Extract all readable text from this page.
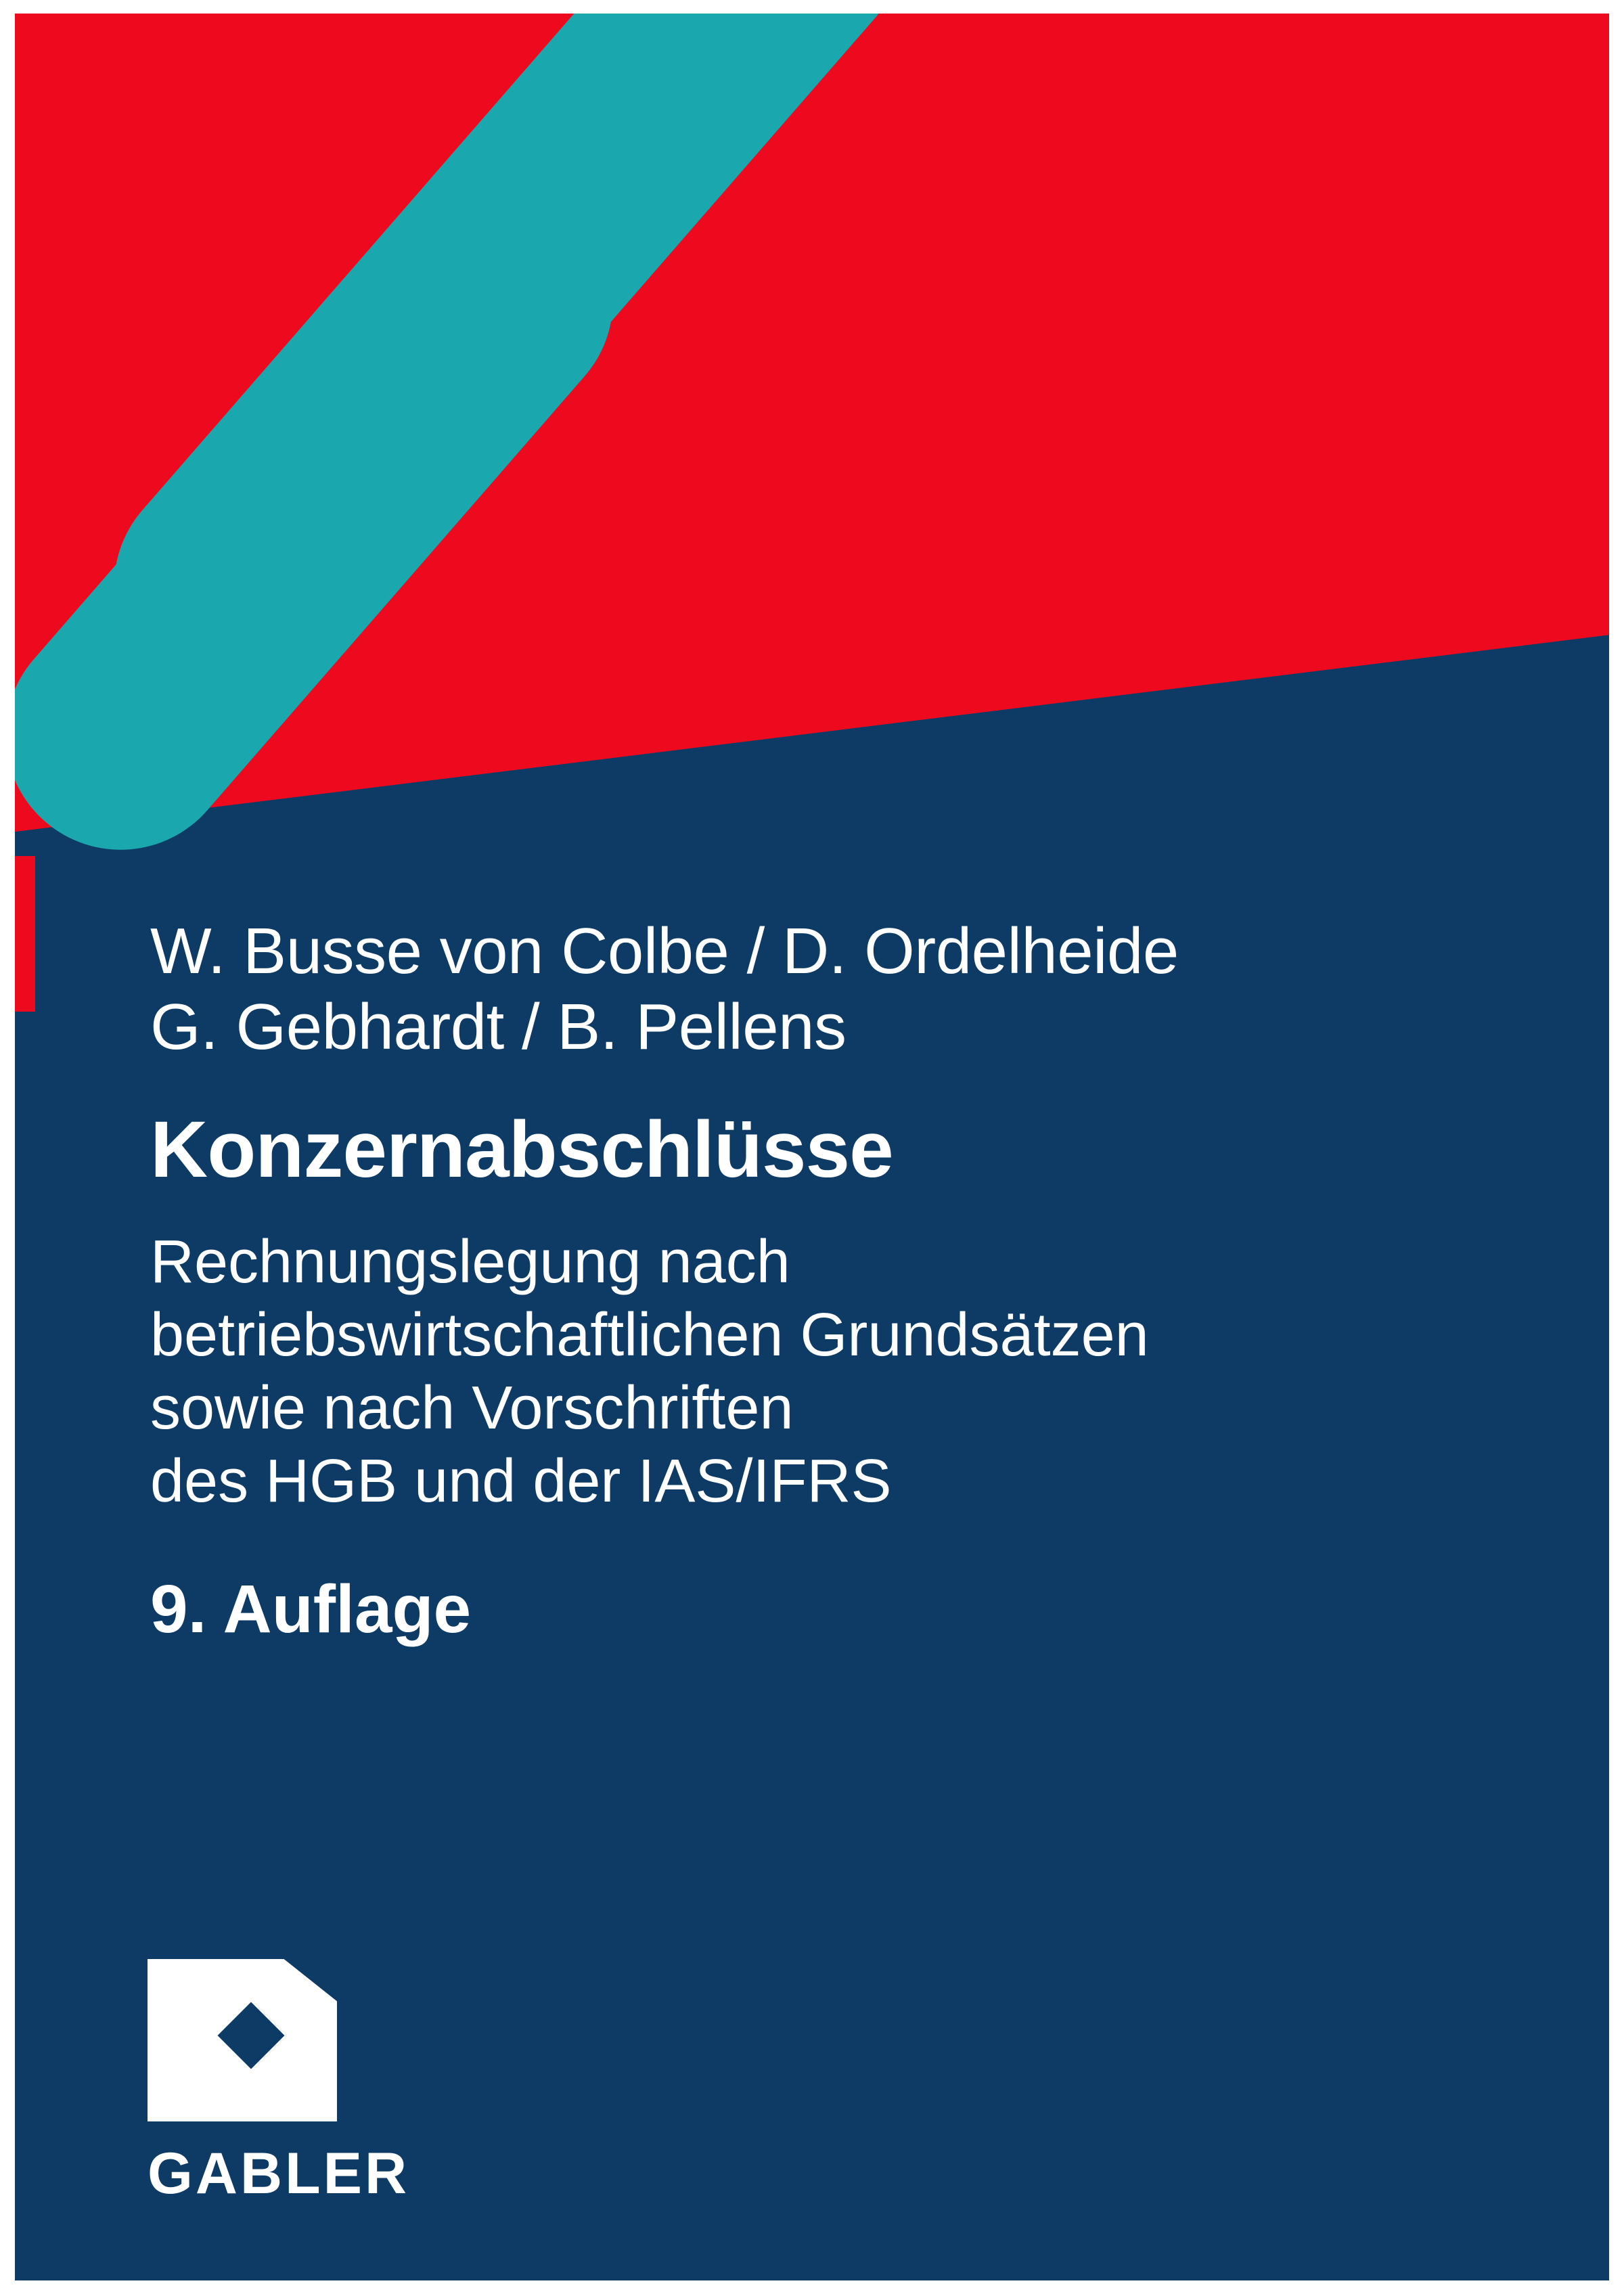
W. Busse von Colbe / D. Ordelheide
G. Gebhardt / B. Pellens
Konzernabschlüsse
Rechnungslegung nach
betriebswirtschaftlichen Grundsätzen
sowie nach Vorschriften
des HGB und der IAS/IFRS
9. Auflage
GABLER
